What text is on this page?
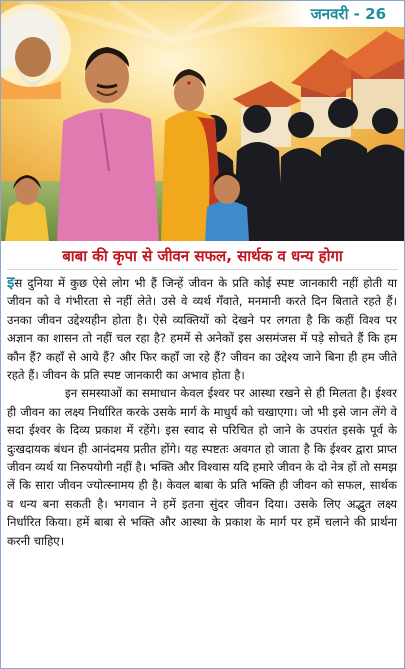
जनवरी - 26
बाबा की कृपा से जीवन सफल, सार्थक व धन्य होगा

इस दुनिया में कुछ ऐसे लोग भी हैं जिन्हें जीवन के प्रति कोई स्पष्ट जानकारी नहीं होती या जीवन को वे गंभीरता से नहीं लेते। उसे वे व्यर्थ गँवाते, मनमानी करते दिन बिताते रहते हैं। उनका जीवन उद्देश्यहीन होता है। ऐसे व्यक्तियों को देखने पर लगता है कि कहीं विश्व पर अज्ञान का शासन तो नहीं चल रहा है? हममें से अनेकों इस असमंजस में पड़े सोचते हैं कि हम कौन हैं? कहाँ से आये हैं? और फिर कहाँ जा रहे हैं? जीवन का उद्देश्य जाने बिना ही हम जीते रहते हैं। जीवन के प्रति स्पष्ट जानकारी का अभाव होता है।

इन समस्याओं का समाधान केवल ईश्वर पर आस्था रखने से ही मिलता है। ईश्वर ही जीवन का लक्ष्य निर्धारित करके उसके मार्ग के माधुर्य को चखाएगा। जो भी इसे जान लेंगे वे सदा ईश्वर के दिव्य प्रकाश में रहेंगे। इस स्वाद से परिचित हो जाने के उपरांत इसके पूर्व के दुःखदायक बंधन ही आनंदमय प्रतीत होंगे। यह स्पष्टतः अवगत हो जाता है कि ईश्वर द्वारा प्राप्त जीवन व्यर्थ या निरुपयोगी नहीं है। भक्ति और विश्वास यदि हमारे जीवन के दो नेत्र हों तो समझ लें कि सारा जीवन ज्योत्स्नामय ही है। केवल बाबा के प्रति भक्ति ही जीवन को सफल, सार्थक व धन्य बना सकती है। भगवान ने हमें इतना सुंदर जीवन दिया। उसके लिए अद्भुत लक्ष्य निर्धारित किया। हमें बाबा से भक्ति और आस्था के प्रकाश के मार्ग पर हमें चलाने की प्रार्थना करनी चाहिए।
